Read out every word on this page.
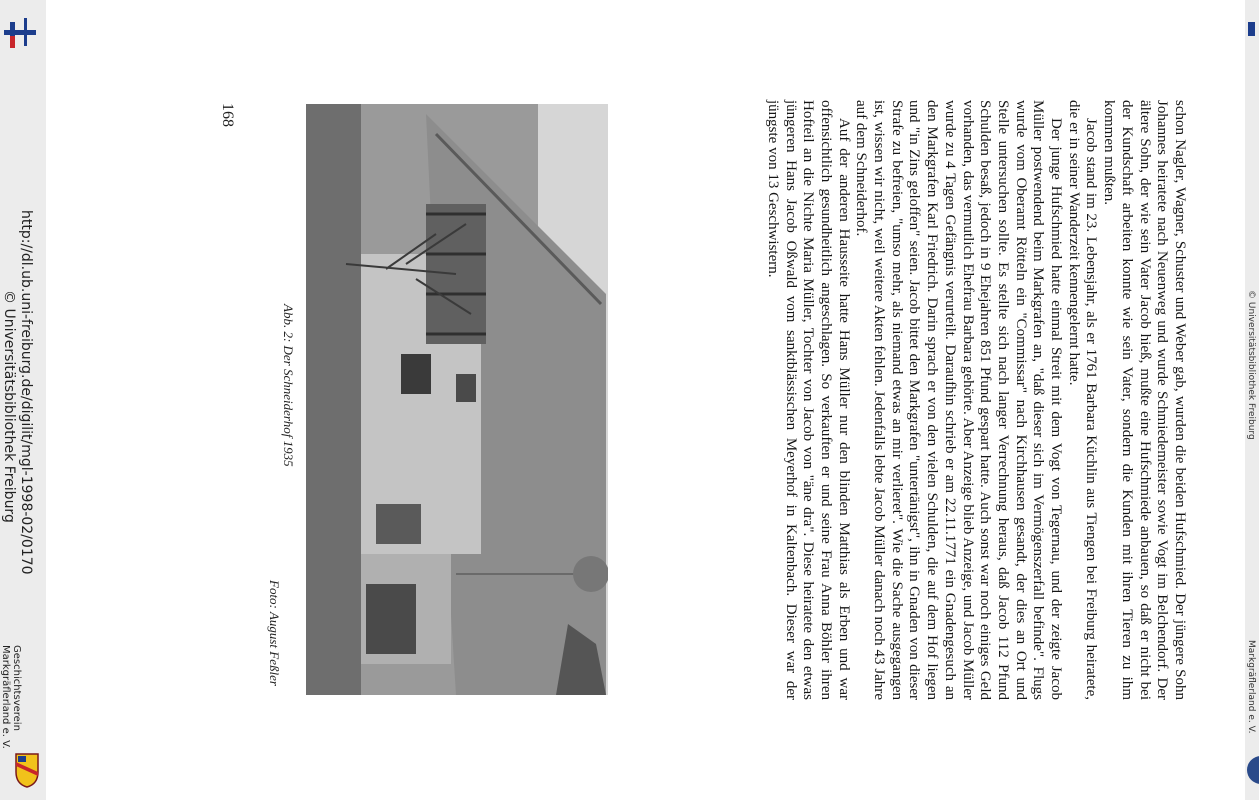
http://dl.ub.uni-freiburg.de/digilit/mgl-1998-02/0170
© Universitätsbibliothek Freiburg
Geschichtsverein
Markgräflerland e. V.	schon Nagler, Wagner, Schuster und Weber gab, wurden die beiden Hufschmied. Der jüngere Sohn Johannes heiratete nach Neuenweg und wurde Schmiedemeister sowie Vogt im Belchendorf. Der ältere Sohn, der wie sein Vater Jacob hieß, mußte eine Hufschmiede anbauen, so daß er nicht bei der Kundschaft arbeiten konnte wie sein Vater, sondern die Kunden mit ihren Tieren zu ihm kommen mußten.

Jacob stand im 23. Lebensjahr, als er 1761 Barbara Küchlin aus Tiengen bei Freiburg heiratete, die er in seiner Wanderzeit kennengelernt hatte.

Der junge Hufschmied hatte einmal Streit mit dem Vogt von Tegernau, und der zeigte Jacob Müller postwendend beim Markgrafen an, "daß dieser sich im Vermögenszerfall befinde". Flugs wurde vom Oberamt Rötteln ein "Commissar" nach Kirchhausen gesandt, der dies an Ort und Stelle untersuchen sollte. Es stellte sich nach langer Verrechnung heraus, daß Jacob 112 Pfund Schulden besaß, jedoch in 9 Ehejahren 851 Pfund gespart hatte. Auch sonst war noch einiges Geld vorhanden, das vermutlich Ehefrau Barbara gehörte. Aber Anzeige blieb Anzeige, und Jacob Müller wurde zu 4 Tagen Gefängnis verurteilt. Daraufhin schrieb er am 22.11.1771 ein Gnadengesuch an den Markgrafen Karl Friedrich. Darin sprach er von den vielen Schulden, die auf dem Hof liegen und "in Zins geloffen" seien. Jacob bittet den Markgrafen "untertänigst", ihn in Gnaden von dieser Strafe zu befreien, "umso mehr, als niemand etwas an mir verlieret". Wie die Sache ausgegangen ist, wissen wir nicht, weil weitere Akten fehlen. Jedenfalls lebte Jacob Müller danach noch 43 Jahre auf dem Schneiderhof.

Auf der anderen Hausseite hatte Hans Müller nur den blinden Matthias als Erben und war offensichtlich gesundheitlich angeschlagen. So verkauften er und seine Frau Anna Böhler ihren Hofteil an die Nichte Maria Müller, Tochter von Jacob von "äne dra". Diese heiratete den etwas jüngeren Hans Jacob Oßwald vom sanktblässischen Meyerhof in Kaltenbach. Dieser war der jüngste von 13 Geschwistern.

Abb. 2: Der Schneiderhof 1935
Foto: August Feßler
168
© Universitätsbibliothek Freiburg
Markgräflerland e. V.
